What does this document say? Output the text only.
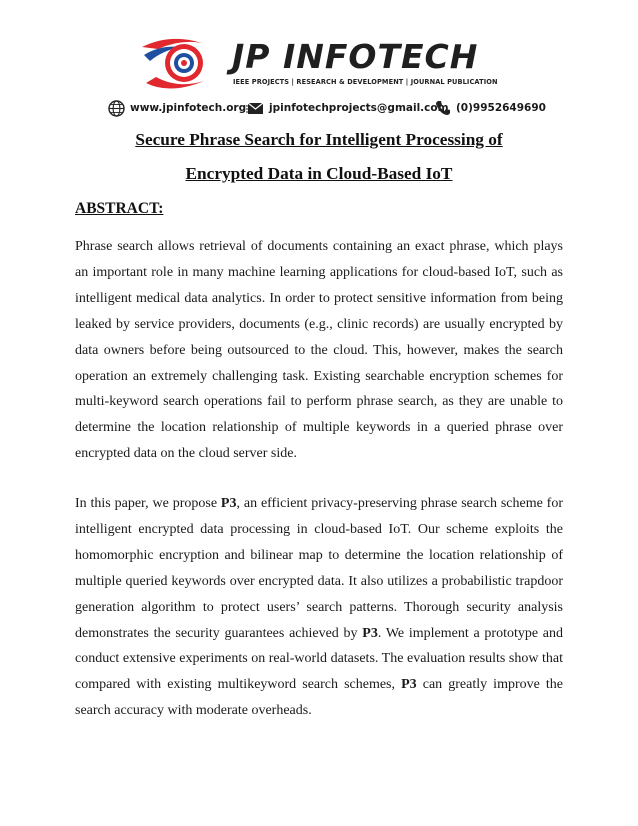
JP INFOTECH
IEEE PROJECTS | RESEARCH & DEVELOPMENT | JOURNAL PUBLICATION
www.jpinfotech.org jpinfotechprojects@gmail.com (0)9952649690
Secure Phrase Search for Intelligent Processing of
Encrypted Data in Cloud-Based IoT
ABSTRACT:

Phrase search allows retrieval of documents containing an exact phrase, which plays an important role in many machine learning applications for cloud-based IoT, such as intelligent medical data analytics. In order to protect sensitive information from being leaked by service providers, documents (e.g., clinic records) are usually encrypted by data owners before being outsourced to the cloud. This, however, makes the search operation an extremely challenging task. Existing searchable encryption schemes for multi-keyword search operations fail to perform phrase search, as they are unable to determine the location relationship of multiple keywords in a queried phrase over encrypted data on the cloud server side.

In this paper, we propose P3, an efficient privacy-preserving phrase search scheme for intelligent encrypted data processing in cloud-based IoT. Our scheme exploits the homomorphic encryption and bilinear map to determine the location relationship of multiple queried keywords over encrypted data. It also utilizes a probabilistic trapdoor generation algorithm to protect users’ search patterns. Thorough security analysis demonstrates the security guarantees achieved by P3. We implement a prototype and conduct extensive experiments on real-world datasets. The evaluation results show that compared with existing multikeyword search schemes, P3 can greatly improve the search accuracy with moderate overheads.
